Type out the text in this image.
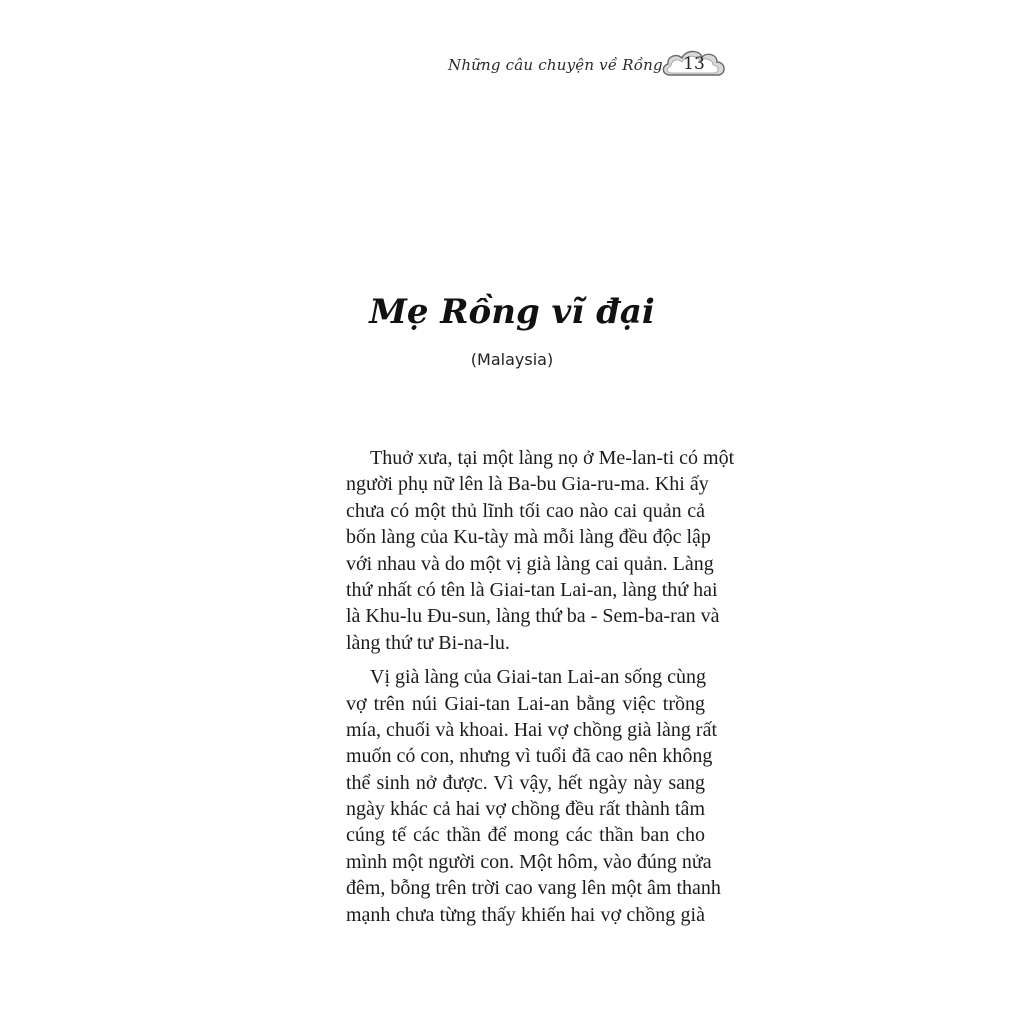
Những câu chuyện về Rồng	13
Mẹ Rồng vĩ đại
(Malaysia)

Thuở xưa, tại một làng nọ ở Me-lan-ti có một
người phụ nữ lên là Ba-bu Gia-ru-ma. Khi ấy
chưa có một thủ lĩnh tối cao nào cai quản cả
bốn làng của Ku-tày mà mỗi làng đều độc lập
với nhau và do một vị già làng cai quản. Làng
thứ nhất có tên là Giai-tan Lai-an, làng thứ hai
là Khu-lu Đu-sun, làng thứ ba - Sem-ba-ran và
làng thứ tư Bi-na-lu.

Vị già làng của Giai-tan Lai-an sống cùng
vợ trên núi Giai-tan Lai-an bằng việc trồng
mía, chuối và khoai. Hai vợ chồng già làng rất
muốn có con, nhưng vì tuổi đã cao nên không
thể sinh nở được. Vì vậy, hết ngày này sang
ngày khác cả hai vợ chồng đều rất thành tâm
cúng tế các thần để mong các thần ban cho
mình một người con. Một hôm, vào đúng nửa
đêm, bỗng trên trời cao vang lên một âm thanh
mạnh chưa từng thấy khiến hai vợ chồng già
